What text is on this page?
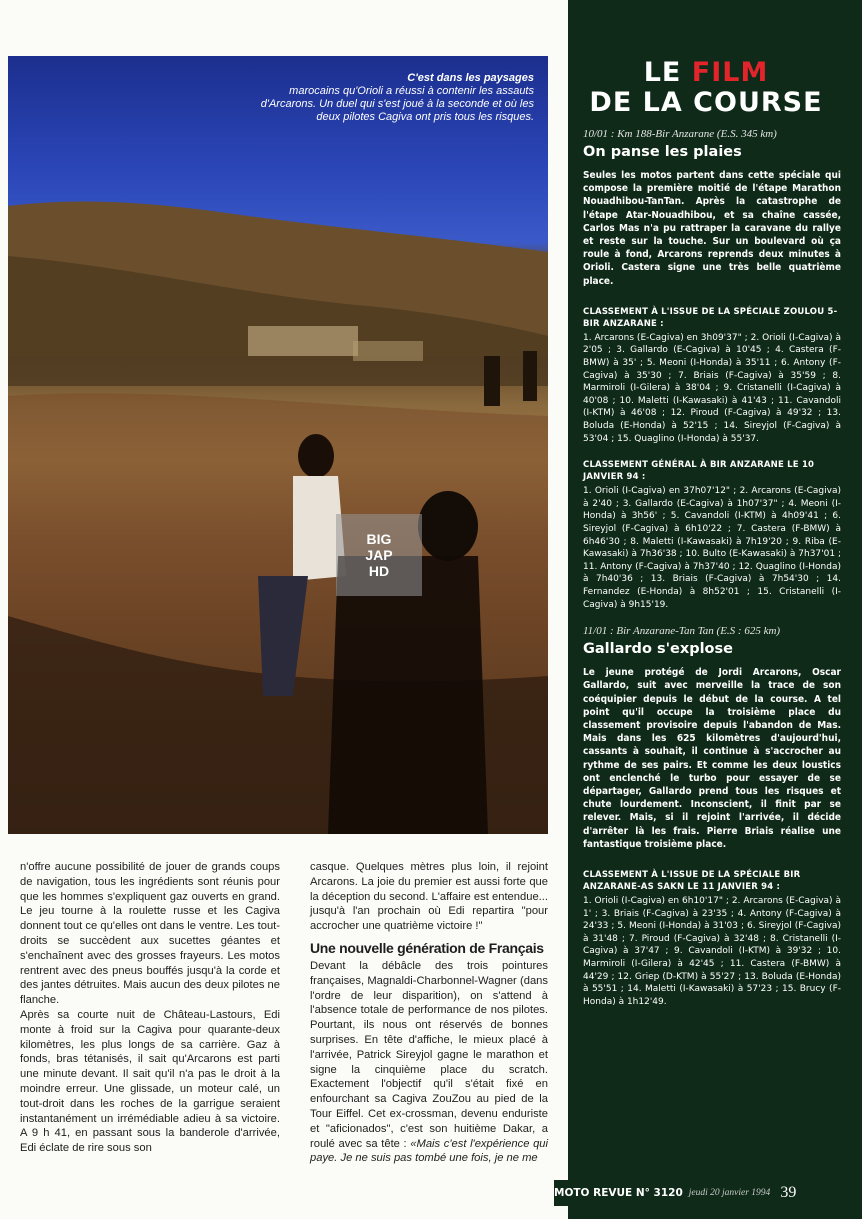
C'est dans les paysages
marocains qu'Orioli a réussi à contenir les assauts d'Arcarons. Un duel qui s'est joué à la seconde et où les deux pilotes Cagiva ont pris tous les risques.
BIG
JAP
HD

n'offre aucune possibilité de jouer de grands coups de navigation, tous les ingrédients sont réunis pour que les hommes s'expliquent gaz ouverts en grand. Le jeu tourne à la roulette russe et les Cagiva donnent tout ce qu'elles ont dans le ventre. Les tout-droits se succèdent aux sucettes géantes et s'enchaînent avec des grosses frayeurs. Les motos rentrent avec des pneus bouffés jusqu'à la corde et des jantes détruites. Mais aucun des deux pilotes ne flanche.

Après sa courte nuit de Château-Lastours, Edi monte à froid sur la Cagiva pour quarante-deux kilomètres, les plus longs de sa carrière. Gaz à fonds, bras tétanisés, il sait qu'Arcarons est parti une minute devant. Il sait qu'il n'a pas le droit à la moindre erreur. Une glissade, un moteur calé, un tout-droit dans les roches de la garrigue seraient instantanément un irrémédiable adieu à sa victoire. A 9 h 41, en passant sous la banderole d'arrivée, Edi éclate de rire sous son

casque. Quelques mètres plus loin, il rejoint Arcarons. La joie du premier est aussi forte que la déception du second. L'affaire est entendue... jusqu'à l'an prochain où Edi repartira "pour accrocher une quatrième victoire !"

Une nouvelle génération de Français

Devant la débâcle des trois pointures françaises, Magnaldi-Charbonnel-Wagner (dans l'ordre de leur disparition), on s'attend à l'absence totale de performance de nos pilotes. Pourtant, ils nous ont réservés de bonnes surprises. En tête d'affiche, le mieux placé à l'arrivée, Patrick Sireyjol gagne le marathon et signe la cinquième place du scratch. Exactement l'objectif qu'il s'était fixé en enfourchant sa Cagiva ZouZou au pied de la Tour Eiffel. Cet ex-crossman, devenu enduriste et "aficionados", c'est son huitième Dakar, a roulé avec sa tête : «Mais c'est l'expérience qui paye. Je ne suis pas tombé une fois, je ne me

LE FILM
DE LA COURSE
10/01 : Km 188-Bir Anzarane (E.S. 345 km)
On panse les plaies

Seules les motos partent dans cette spéciale qui compose la première moitié de l'étape Marathon Nouadhibou-TanTan. Après la catastrophe de l'étape Atar-Nouadhibou, et sa chaîne cassée, Carlos Mas n'a pu rattraper la caravane du rallye et reste sur la touche. Sur un boulevard où ça roule à fond, Arcarons reprends deux minutes à Orioli. Castera signe une très belle quatrième place.

CLASSEMENT À L'ISSUE DE LA SPÉCIALE ZOULOU 5-BIR ANZARANE :

1. Arcarons (E-Cagiva) en 3h09'37" ; 2. Orioli (I-Cagiva) à 2'05 ; 3. Gallardo (E-Cagiva) à 10'45 ; 4. Castera (F-BMW) à 35' ; 5. Meoni (I-Honda) à 35'11 ; 6. Antony (F-Cagiva) à 35'30 ; 7. Briais (F-Cagiva) à 35'59 ; 8. Marmiroli (I-Gilera) à 38'04 ; 9. Cristanelli (I-Cagiva) à 40'08 ; 10. Maletti (I-Kawasaki) à 41'43 ; 11. Cavandoli (I-KTM) à 46'08 ; 12. Piroud (F-Cagiva) à 49'32 ; 13. Boluda (E-Honda) à 52'15 ; 14. Sireyjol (F-Cagiva) à 53'04 ; 15. Quaglino (I-Honda) à 55'37.

CLASSEMENT GÉNÉRAL À BIR ANZARANE LE 10 JANVIER 94 :

1. Orioli (I-Cagiva) en 37h07'12" ; 2. Arcarons (E-Cagiva) à 2'40 ; 3. Gallardo (E-Cagiva) à 1h07'37" ; 4. Meoni (I-Honda) à 3h56' ; 5. Cavandoli (I-KTM) à 4h09'41 ; 6. Sireyjol (F-Cagiva) à 6h10'22 ; 7. Castera (F-BMW) à 6h46'30 ; 8. Maletti (I-Kawasaki) à 7h19'20 ; 9. Riba (E-Kawasaki) à 7h36'38 ; 10. Bulto (E-Kawasaki) à 7h37'01 ; 11. Antony (F-Cagiva) à 7h37'40 ; 12. Quaglino (I-Honda) à 7h40'36 ; 13. Briais (F-Cagiva) à 7h54'30 ; 14. Fernandez (E-Honda) à 8h52'01 ; 15. Cristanelli (I-Cagiva) à 9h15'19.

11/01 : Bir Anzarane-Tan Tan (E.S : 625 km)
Gallardo s'explose

Le jeune protégé de Jordi Arcarons, Oscar Gallardo, suit avec merveille la trace de son coéquipier depuis le début de la course. A tel point qu'il occupe la troisième place du classement provisoire depuis l'abandon de Mas. Mais dans les 625 kilomètres d'aujourd'hui, cassants à souhait, il continue à s'accrocher au rythme de ses pairs. Et comme les deux loustics ont enclenché le turbo pour essayer de se départager, Gallardo prend tous les risques et chute lourdement. Inconscient, il finit par se relever. Mais, si il rejoint l'arrivée, il décide d'arrêter là les frais. Pierre Briais réalise une fantastique troisième place.

CLASSEMENT À L'ISSUE DE LA SPÉCIALE BIR ANZARANE-AS SAKN LE 11 JANVIER 94 :

1. Orioli (I-Cagiva) en 6h10'17" ; 2. Arcarons (E-Cagiva) à 1' ; 3. Briais (F-Cagiva) à 23'35 ; 4. Antony (F-Cagiva) à 24'33 ; 5. Meoni (I-Honda) à 31'03 ; 6. Sireyjol (F-Cagiva) à 31'48 ; 7. Piroud (F-Cagiva) à 32'48 ; 8. Cristanelli (I-Cagiva) à 37'47 ; 9. Cavandoli (I-KTM) à 39'32 ; 10. Marmiroli (I-Gilera) à 42'45 ; 11. Castera (F-BMW) à 44'29 ; 12. Griep (D-KTM) à 55'27 ; 13. Boluda (E-Honda) à 55'51 ; 14. Maletti (I-Kawasaki) à 57'23 ; 15. Brucy (F-Honda) à 1h12'49.

MOTO REVUE N° 3120 jeudi 20 janvier 1994 39
